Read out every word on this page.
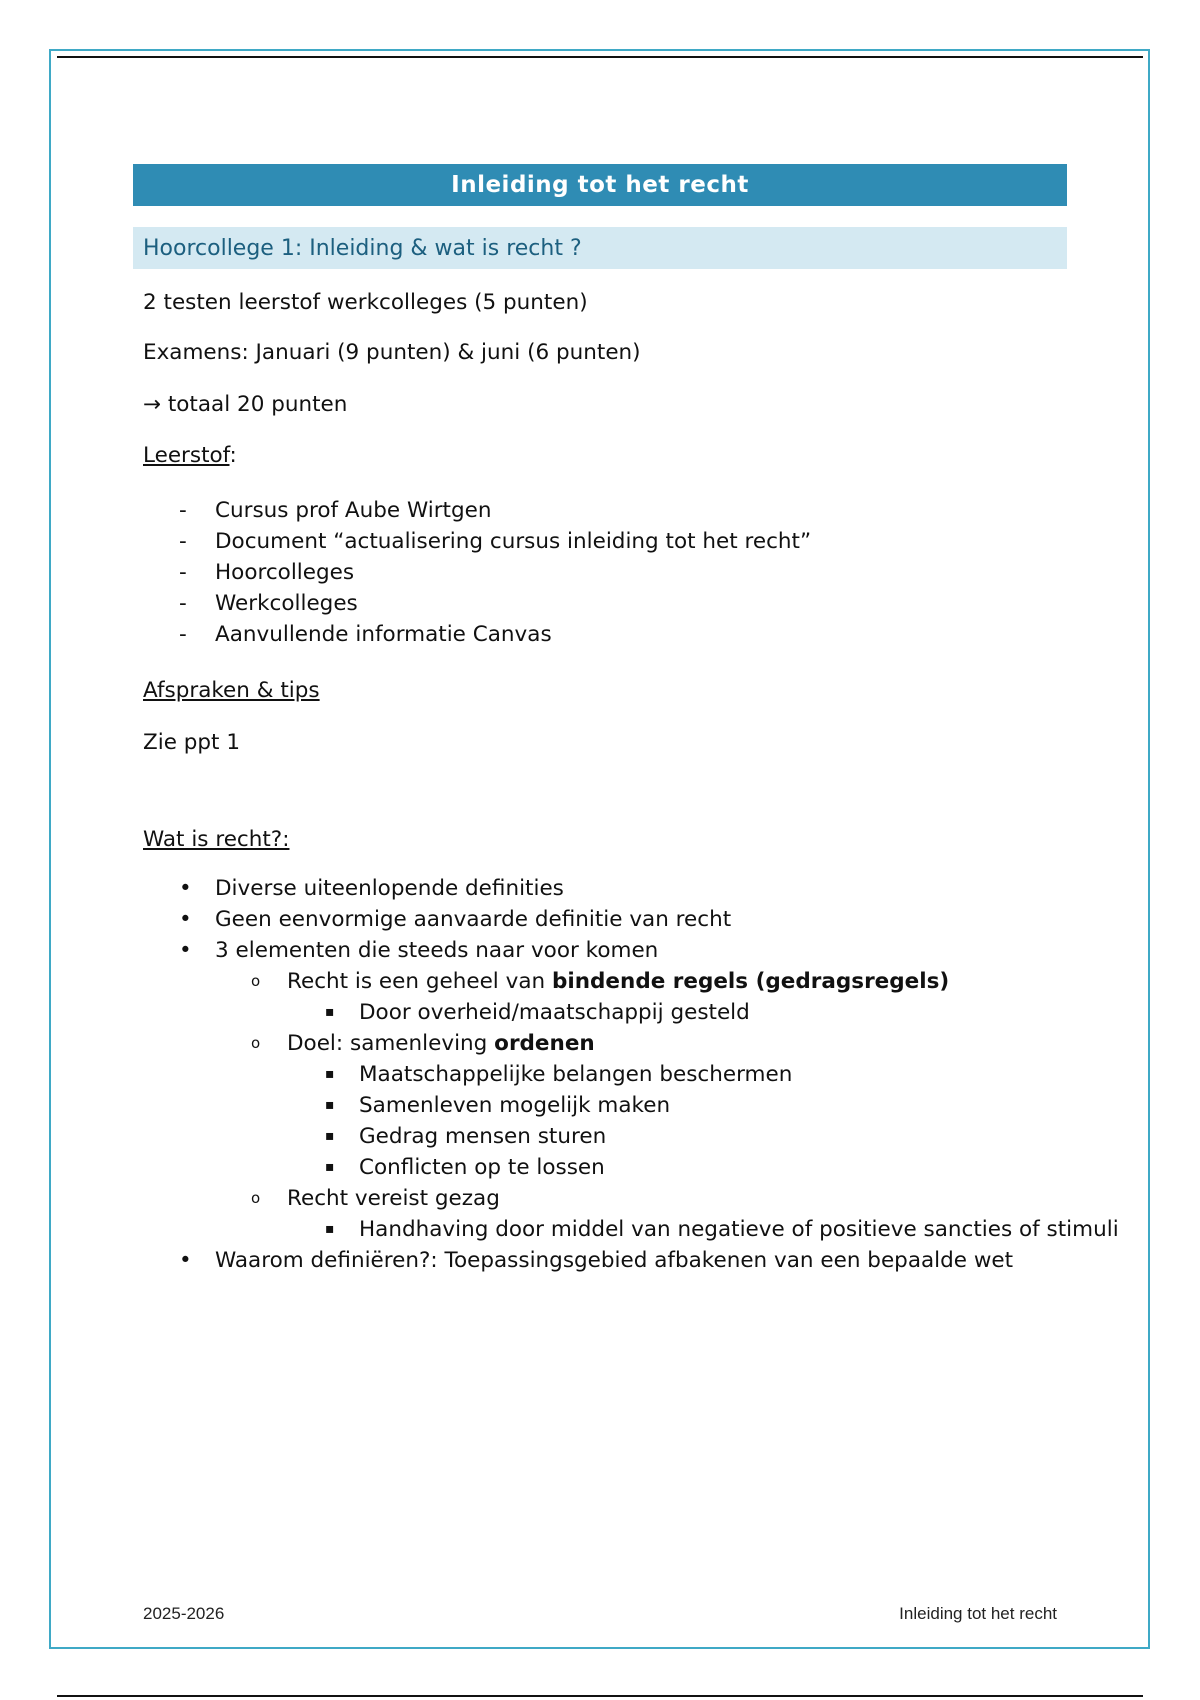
Inleiding tot het recht
Hoorcollege 1: Inleiding & wat is recht ?

2 testen leerstof werkcolleges (5 punten)

Examens: Januari (9 punten) & juni (6 punten)

→ totaal 20 punten

Leerstof:

-	Cursus prof Aube Wirtgen
-	Document “actualisering cursus inleiding tot het recht”
-	Hoorcolleges
-	Werkcolleges
-	Aanvullende informatie Canvas

Afspraken & tips

Zie ppt 1

Wat is recht?:

•	Diverse uiteenlopende definities
•	Geen eenvormige aanvaarde definitie van recht
•	3 elementen die steeds naar voor komen
o	Recht is een geheel van bindende regels (gedragsregels)
▪	Door overheid/maatschappij gesteld
o	Doel: samenleving ordenen
▪	Maatschappelijke belangen beschermen
▪	Samenleven mogelijk maken
▪	Gedrag mensen sturen
▪	Conflicten op te lossen
o	Recht vereist gezag
▪	Handhaving door middel van negatieve of positieve sancties of stimuli
•	Waarom definiëren?: Toepassingsgebied afbakenen van een bepaalde wet
2025-2026	Inleiding tot het recht
